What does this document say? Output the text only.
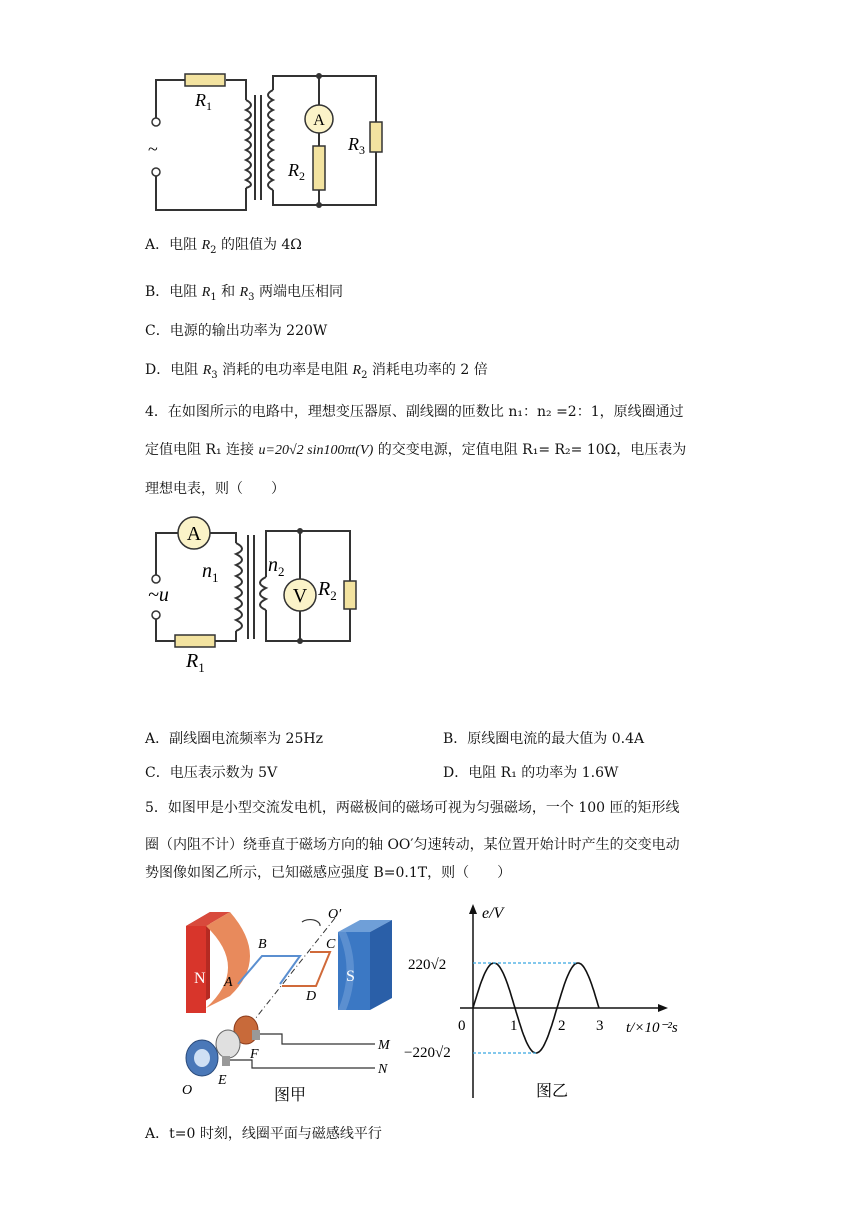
A
~
$R_1$
$R_2$
$R_3$
A．电阻 $R_2$ 的阻值为 4Ω
B．电阻 $R_1$ 和 $R_3$ 两端电压相同
C．电源的输出功率为 220W
D．电阻 $R_3$ 消耗的电功率是电阻 $R_2$ 消耗电功率的 2 倍
4．在如图所示的电路中，理想变压器原、副线圈的匝数比 n₁：n₂ =2：1，原线圈通过
定值电阻 R₁ 连接 u=20√2 sin100πt(V) 的交变电源，定值电阻 R₁= R₂= 10Ω，电压表为
理想电表，则（　　）
A
V
~u
$n_1$
$n_2$
$R_1$
$R_2$
A．副线圈电流频率为 25Hz	B．原线圈电流的最大值为 0.4A
C．电压表示数为 5V	D．电阻 R₁ 的功率为 1.6W
5．如图甲是小型交流发电机，两磁极间的磁场可视为匀强磁场，一个 100 匝的矩形线
圈（内阻不计）绕垂直于磁场方向的轴 OO′匀速转动，某位置开始计时产生的交变电动
势图像如图乙所示，已知磁感应强度 B=0.1T，则（　　）
N	S
A
B	C
D
O′
M
N
F
E
O	图甲
e/V
t/×10⁻²s
220√2
−220√2
0	1	2 3
图乙
A．t=0 时刻，线圈平面与磁感线平行
